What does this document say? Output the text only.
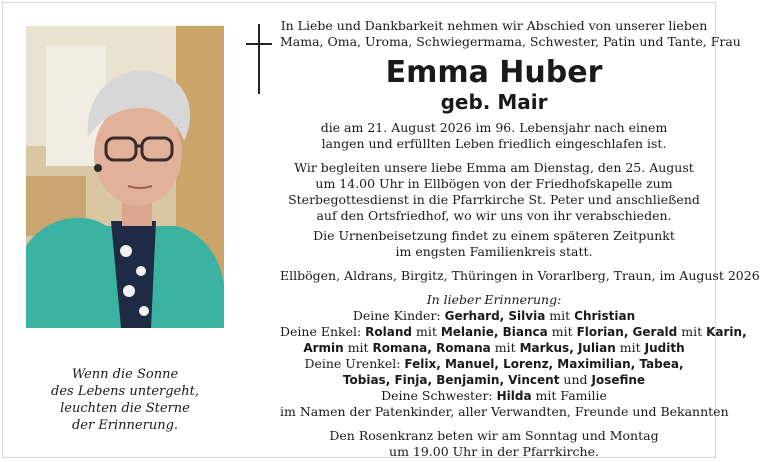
Wenn die Sonne
des Lebens untergeht,
leuchten die Sterne
der Erinnerung.
In Liebe und Dankbarkeit nehmen wir Abschied von unserer lieben
Mama, Oma, Uroma, Schwiegermama, Schwester, Patin und Tante, Frau
Emma Huber
geb. Mair
die am 21. August 2026 im 96. Lebensjahr nach einem
langen und erfüllten Leben friedlich eingeschlafen ist.
Wir begleiten unsere liebe Emma am Dienstag, den 25. August
um 14.00 Uhr in Ellbögen von der Friedhofskapelle zum
Sterbegottesdienst in die Pfarrkirche St. Peter und anschließend
auf den Ortsfriedhof, wo wir uns von ihr verabschieden.
Die Urnenbeisetzung findet zu einem späteren Zeitpunkt
im engsten Familienkreis statt.
Ellbögen, Aldrans, Birgitz, Thüringen in Vorarlberg, Traun, im August 2026
In lieber Erinnerung:
Deine Kinder: Gerhard, Silvia mit Christian
Deine Enkel: Roland mit Melanie, Bianca mit Florian, Gerald mit Karin,
Armin mit Romana, Romana mit Markus, Julian mit Judith
Deine Urenkel: Felix, Manuel, Lorenz, Maximilian, Tabea,
Tobias, Finja, Benjamin, Vincent und Josefine
Deine Schwester: Hilda mit Familie
im Namen der Patenkinder, aller Verwandten, Freunde und Bekannten
Den Rosenkranz beten wir am Sonntag und Montag
um 19.00 Uhr in der Pfarrkirche.
